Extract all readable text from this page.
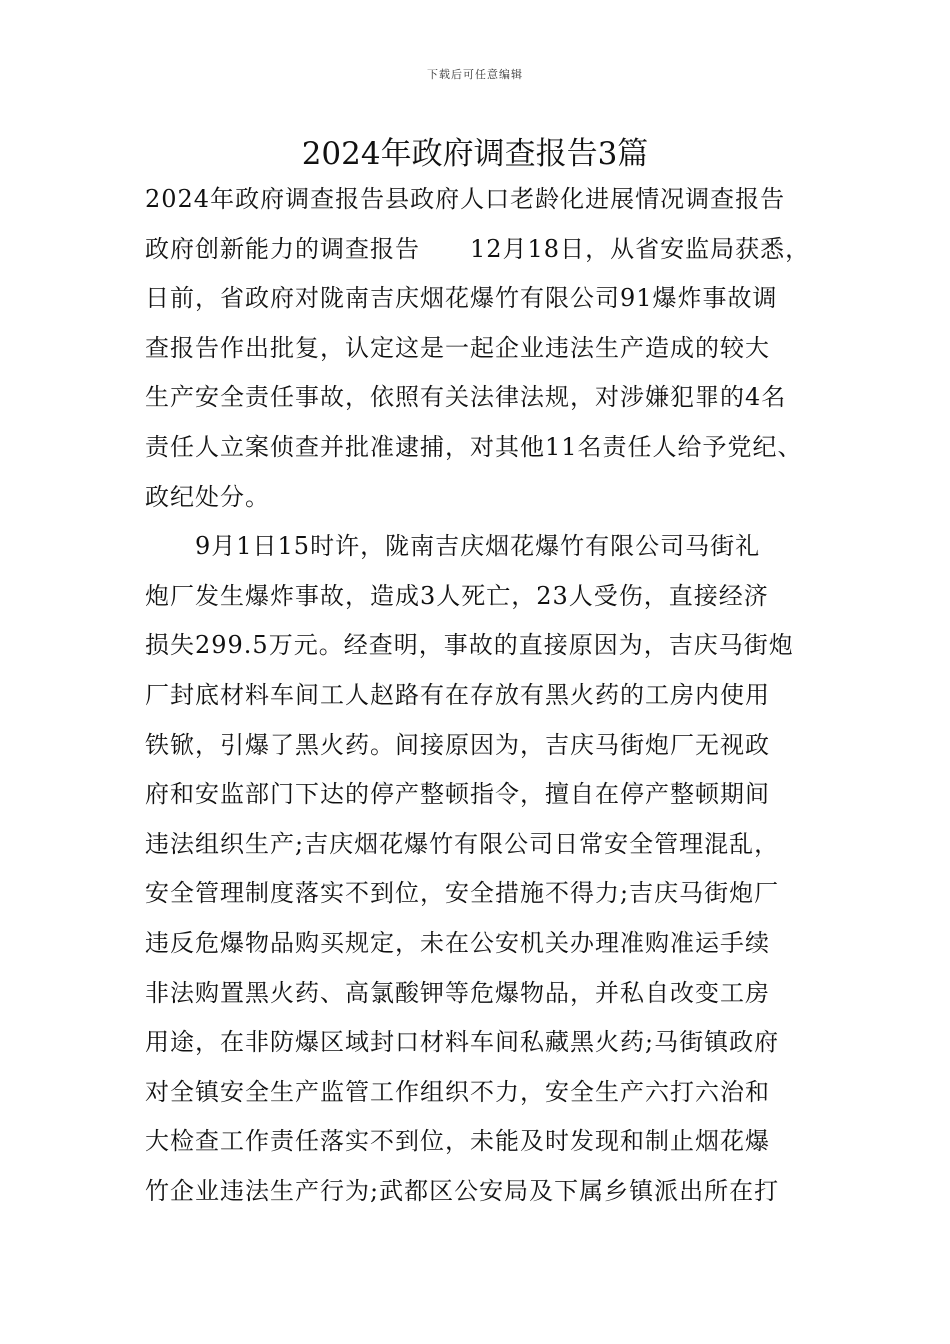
下载后可任意编辑
2024年政府调查报告3篇
2024年政府调查报告县政府人口老龄化进展情况调查报告
政府创新能力的调查报告　　12月18日，从省安监局获悉，
日前，省政府对陇南吉庆烟花爆竹有限公司91爆炸事故调
查报告作出批复，认定这是一起企业违法生产造成的较大
生产安全责任事故，依照有关法律法规，对涉嫌犯罪的4名
责任人立案侦查并批准逮捕，对其他11名责任人给予党纪、
政纪处分。
　　9月1日15时许，陇南吉庆烟花爆竹有限公司马街礼
炮厂发生爆炸事故，造成3人死亡，23人受伤，直接经济
损失299.5万元。经查明，事故的直接原因为，吉庆马街炮
厂封底材料车间工人赵路有在存放有黑火药的工房内使用
铁锨，引爆了黑火药。间接原因为，吉庆马街炮厂无视政
府和安监部门下达的停产整顿指令，擅自在停产整顿期间
违法组织生产;吉庆烟花爆竹有限公司日常安全管理混乱，
安全管理制度落实不到位，安全措施不得力;吉庆马街炮厂
违反危爆物品购买规定，未在公安机关办理准购准运手续
非法购置黑火药、高氯酸钾等危爆物品，并私自改变工房
用途，在非防爆区域封口材料车间私藏黑火药;马街镇政府
对全镇安全生产监管工作组织不力，安全生产六打六治和
大检查工作责任落实不到位，未能及时发现和制止烟花爆
竹企业违法生产行为;武都区公安局及下属乡镇派出所在打
